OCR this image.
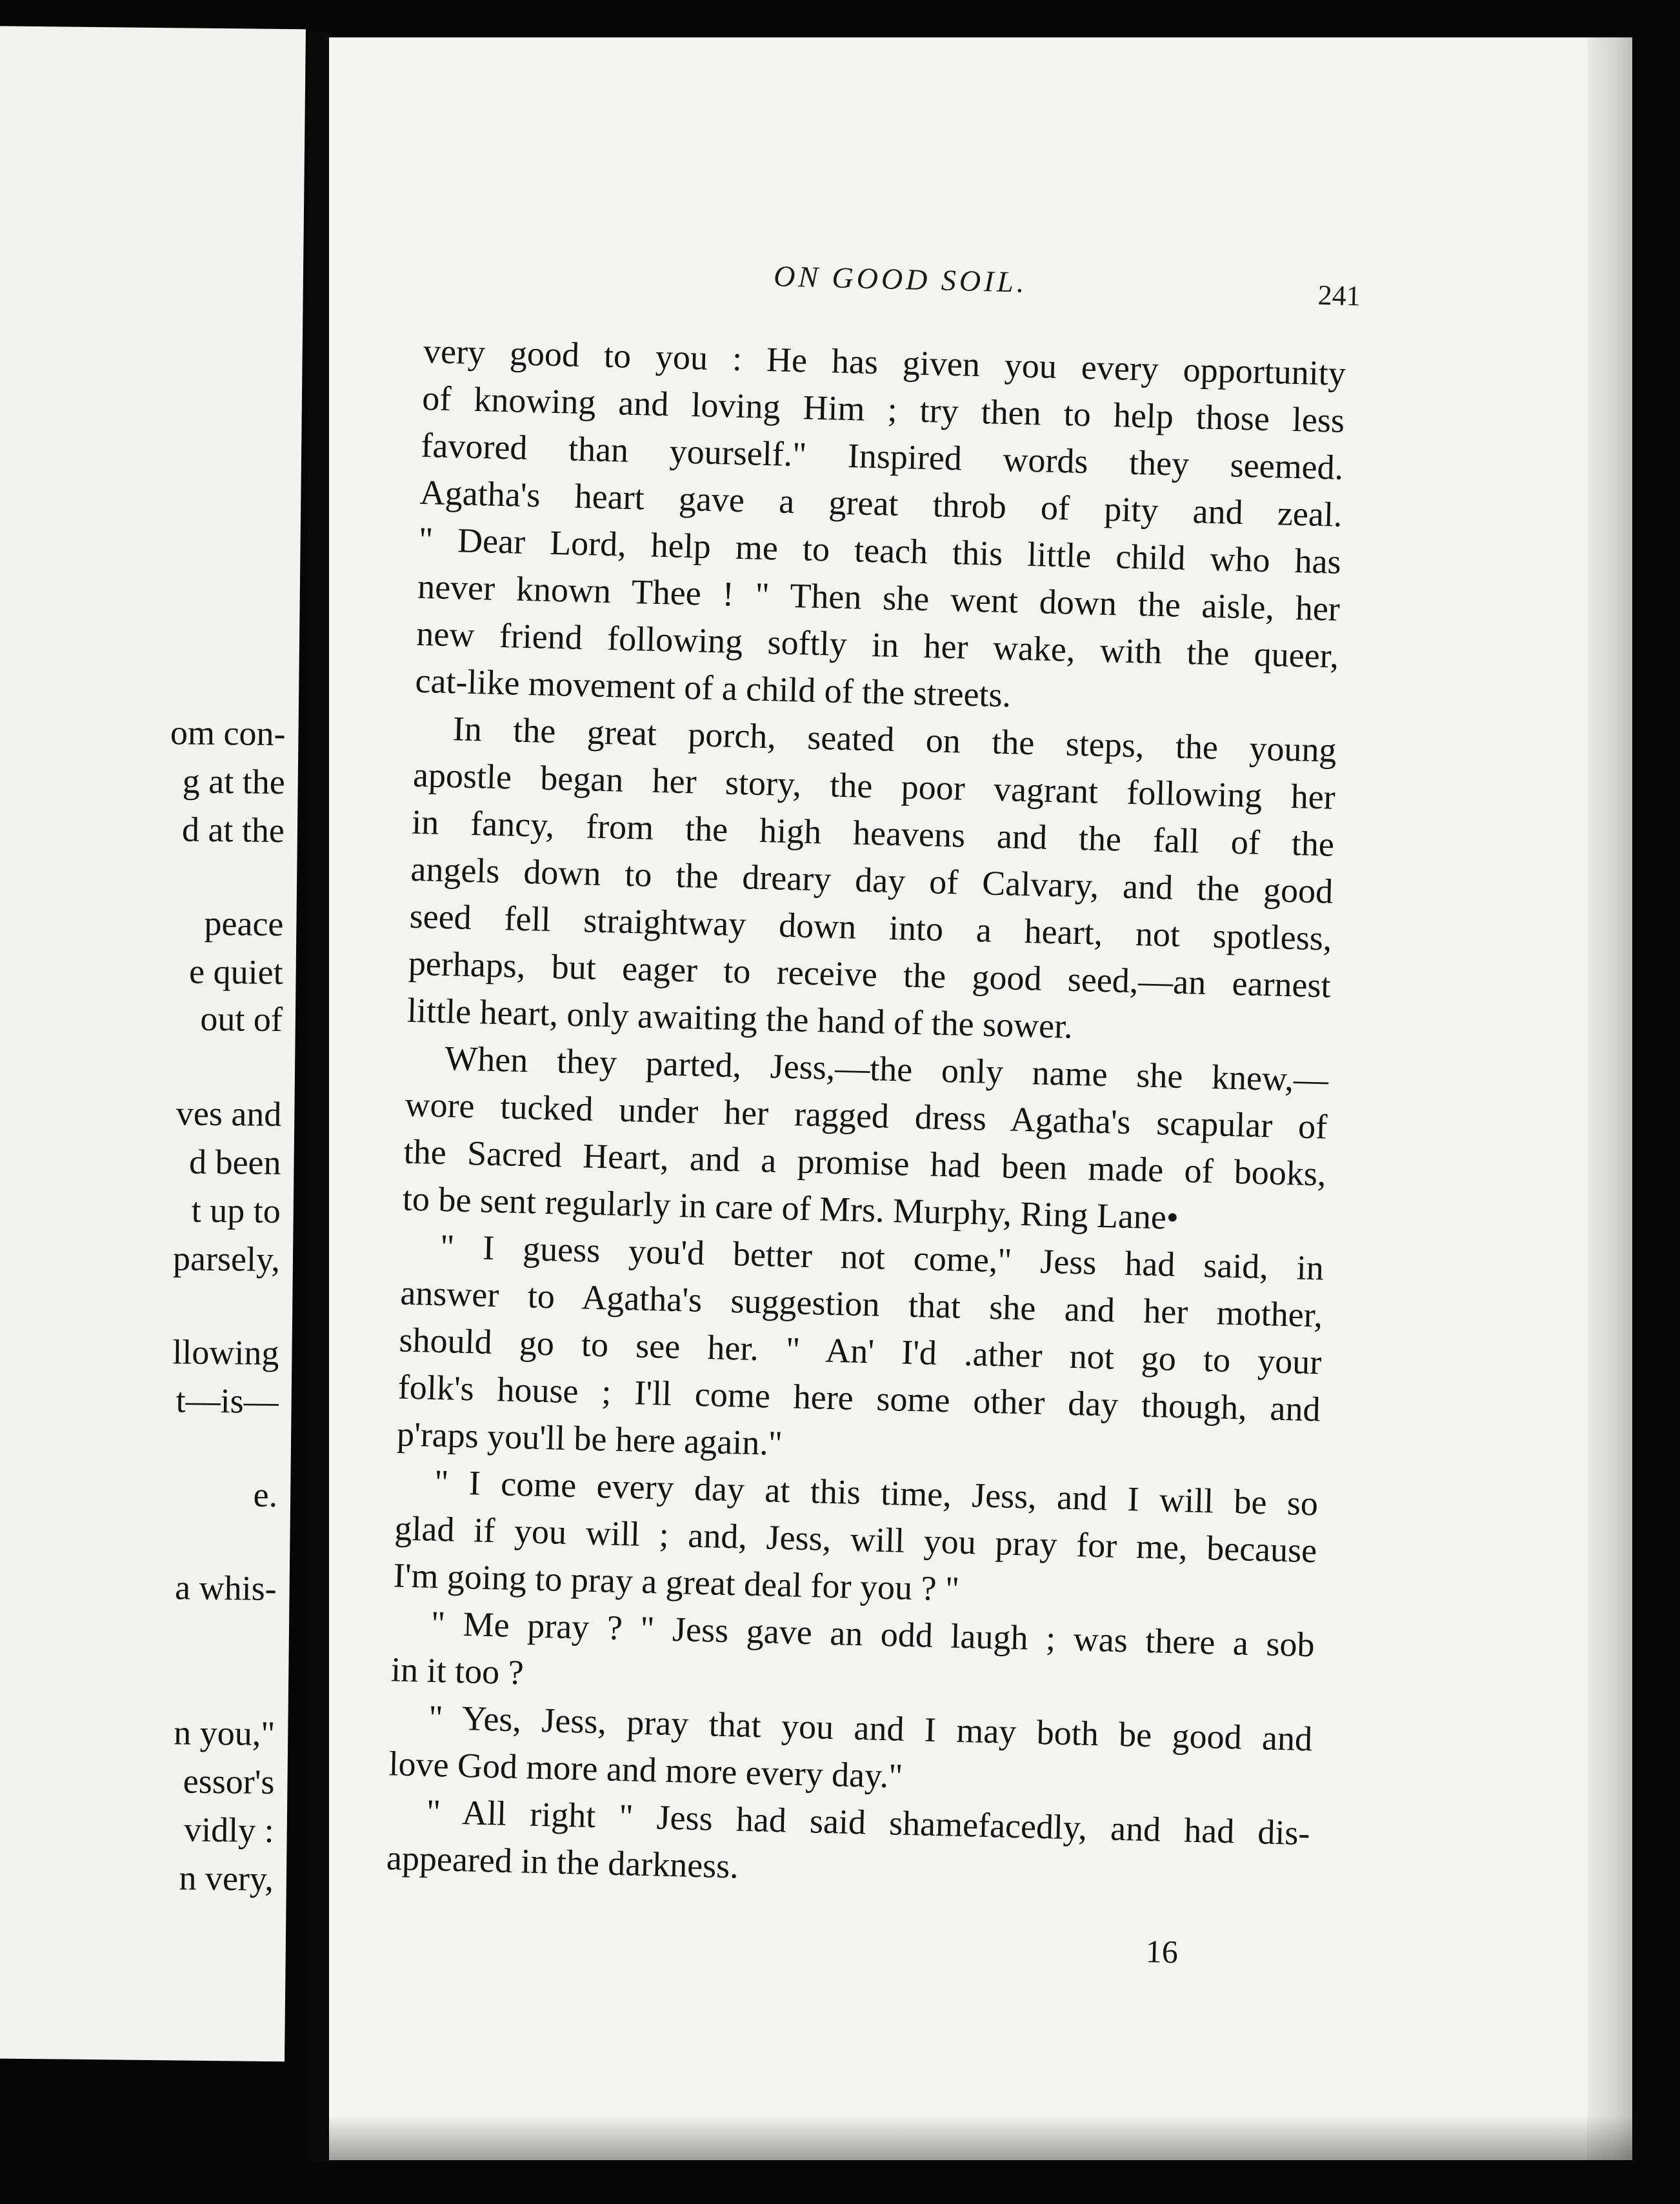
om con-
g at the
d at the
peace
e quiet
out of
ves and
d been
t up to
parsely,
llowing
t—is—
e.
a whis-
n you,"
essor's
vidly :
n very,
ON GOOD SOIL.	241
very good to you : He has given you every opportunity
of knowing and loving Him ; try then to help those less
favored than yourself." Inspired words they seemed.
Agatha's heart gave a great throb of pity and zeal.
" Dear Lord, help me to teach this little child who has
never known Thee ! " Then she went down the aisle, her
new friend following softly in her wake, with the queer,
cat-like movement of a child of the streets.
In the great porch, seated on the steps, the young
apostle began her story, the poor vagrant following her
in fancy, from the high heavens and the fall of the
angels down to the dreary day of Calvary, and the good
seed fell straightway down into a heart, not spotless,
perhaps, but eager to receive the good seed,—an earnest
little heart, only awaiting the hand of the sower.
When they parted, Jess,—the only name she knew,—
wore tucked under her ragged dress Agatha's scapular of
the Sacred Heart, and a promise had been made of books,
to be sent regularly in care of Mrs. Murphy, Ring Lane•
" I guess you'd better not come," Jess had said, in
answer to Agatha's suggestion that she and her mother,
should go to see her. " An' I'd .ather not go to your
folk's house ; I'll come here some other day though, and
p'raps you'll be here again."
" I come every day at this time, Jess, and I will be so
glad if you will ; and, Jess, will you pray for me, because
I'm going to pray a great deal for you ? "
" Me pray ? " Jess gave an odd laugh ; was there a sob
in it too ?
" Yes, Jess, pray that you and I may both be good and
love God more and more every day."
" All right " Jess had said shamefacedly, and had dis-
appeared in the darkness.
16
